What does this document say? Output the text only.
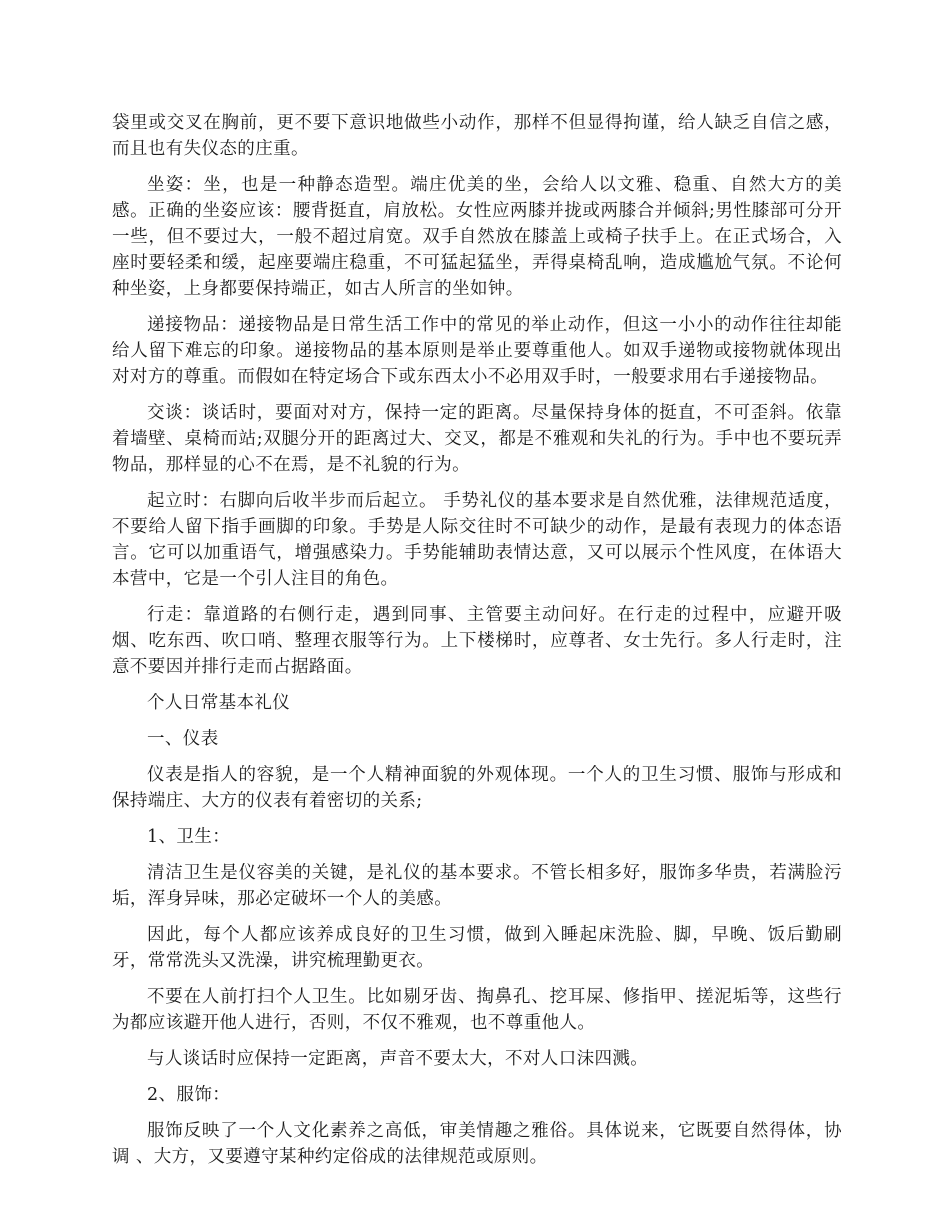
袋里或交叉在胸前，更不要下意识地做些小动作，那样不但显得拘谨，给人缺乏自信之感，而且也有失仪态的庄重。

坐姿：坐，也是一种静态造型。端庄优美的坐，会给人以文雅、稳重、自然大方的美感。正确的坐姿应该：腰背挺直，肩放松。女性应两膝并拢或两膝合并倾斜;男性膝部可分开一些，但不要过大，一般不超过肩宽。双手自然放在膝盖上或椅子扶手上。在正式场合，入座时要轻柔和缓，起座要端庄稳重，不可猛起猛坐，弄得桌椅乱响，造成尴尬气氛。不论何种坐姿，上身都要保持端正，如古人所言的坐如钟。

递接物品：递接物品是日常生活工作中的常见的举止动作，但这一小小的动作往往却能给人留下难忘的印象。递接物品的基本原则是举止要尊重他人。如双手递物或接物就体现出对对方的尊重。而假如在特定场合下或东西太小不必用双手时，一般要求用右手递接物品。

交谈：谈话时，要面对对方，保持一定的距离。尽量保持身体的挺直，不可歪斜。依靠着墙壁、桌椅而站;双腿分开的距离过大、交叉，都是不雅观和失礼的行为。手中也不要玩弄物品，那样显的心不在焉，是不礼貌的行为。

起立时：右脚向后收半步而后起立。 手势礼仪的基本要求是自然优雅，法律规范适度，不要给人留下指手画脚的印象。手势是人际交往时不可缺少的动作，是最有表现力的体态语言。它可以加重语气，增强感染力。手势能辅助表情达意，又可以展示个性风度，在体语大本营中，它是一个引人注目的角色。

行走：靠道路的右侧行走，遇到同事、主管要主动问好。在行走的过程中，应避开吸烟、吃东西、吹口哨、整理衣服等行为。上下楼梯时，应尊者、女士先行。多人行走时，注意不要因并排行走而占据路面。

个人日常基本礼仪

一、仪表

仪表是指人的容貌，是一个人精神面貌的外观体现。一个人的卫生习惯、服饰与形成和保持端庄、大方的仪表有着密切的关系;

1、卫生：

清洁卫生是仪容美的关键，是礼仪的基本要求。不管长相多好，服饰多华贵，若满脸污垢，浑身异味，那必定破坏一个人的美感。

因此，每个人都应该养成良好的卫生习惯，做到入睡起床洗脸、脚，早晚、饭后勤刷牙，常常洗头又洗澡，讲究梳理勤更衣。

不要在人前打扫个人卫生。比如剔牙齿、掏鼻孔、挖耳屎、修指甲、搓泥垢等，这些行为都应该避开他人进行，否则，不仅不雅观，也不尊重他人。

与人谈话时应保持一定距离，声音不要太大，不对人口沫四溅。

2、服饰：

服饰反映了一个人文化素养之高低，审美情趣之雅俗。具体说来，它既要自然得体，协调 、大方，又要遵守某种约定俗成的法律规范或原则。
